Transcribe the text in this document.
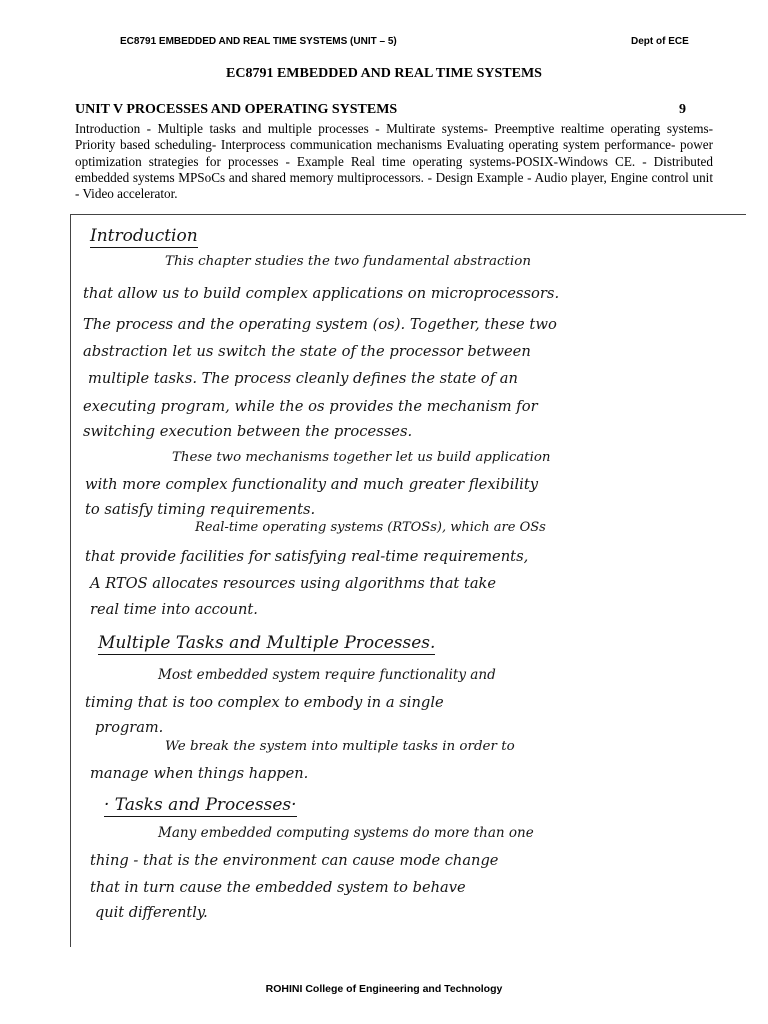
EC8791 EMBEDDED AND REAL TIME SYSTEMS (UNIT – 5)	Dept of ECE
EC8791 EMBEDDED AND REAL TIME SYSTEMS
UNIT V PROCESSES AND OPERATING SYSTEMS	9
Introduction - Multiple tasks and multiple processes - Multirate systems- Preemptive realtime operating systems- Priority based scheduling- Interprocess communication mechanisms Evaluating operating system performance- power optimization strategies for processes - Example Real time operating systems-POSIX-Windows CE. - Distributed embedded systems MPSoCs and shared memory multiprocessors. - Design Example - Audio player, Engine control unit - Video accelerator.
Introduction
This chapter studies the two fundamental abstraction
that allow us to build complex applications on microprocessors.
The process and the operating system (os). Together, these two
abstraction let us switch the state of the processor between
multiple tasks. The process cleanly defines the state of an
executing program, while the os provides the mechanism for
switching execution between the processes.
These two mechanisms together let us build application
with more complex functionality and much greater flexibility
to satisfy timing requirements.
Real-time operating systems (RTOSs), which are OSs
that provide facilities for satisfying real-time requirements,
A RTOS allocates resources using algorithms that take
real time into account.
Multiple Tasks and Multiple Processes.
Most embedded system require functionality and
timing that is too complex to embody in a single
program.
We break the system into multiple tasks in order to
manage when things happen.
· Tasks and Processes·
Many embedded computing systems do more than one
thing - that is the environment can cause mode change
that in turn cause the embedded system to behave
quit differently.
ROHINI College of Engineering and Technology
